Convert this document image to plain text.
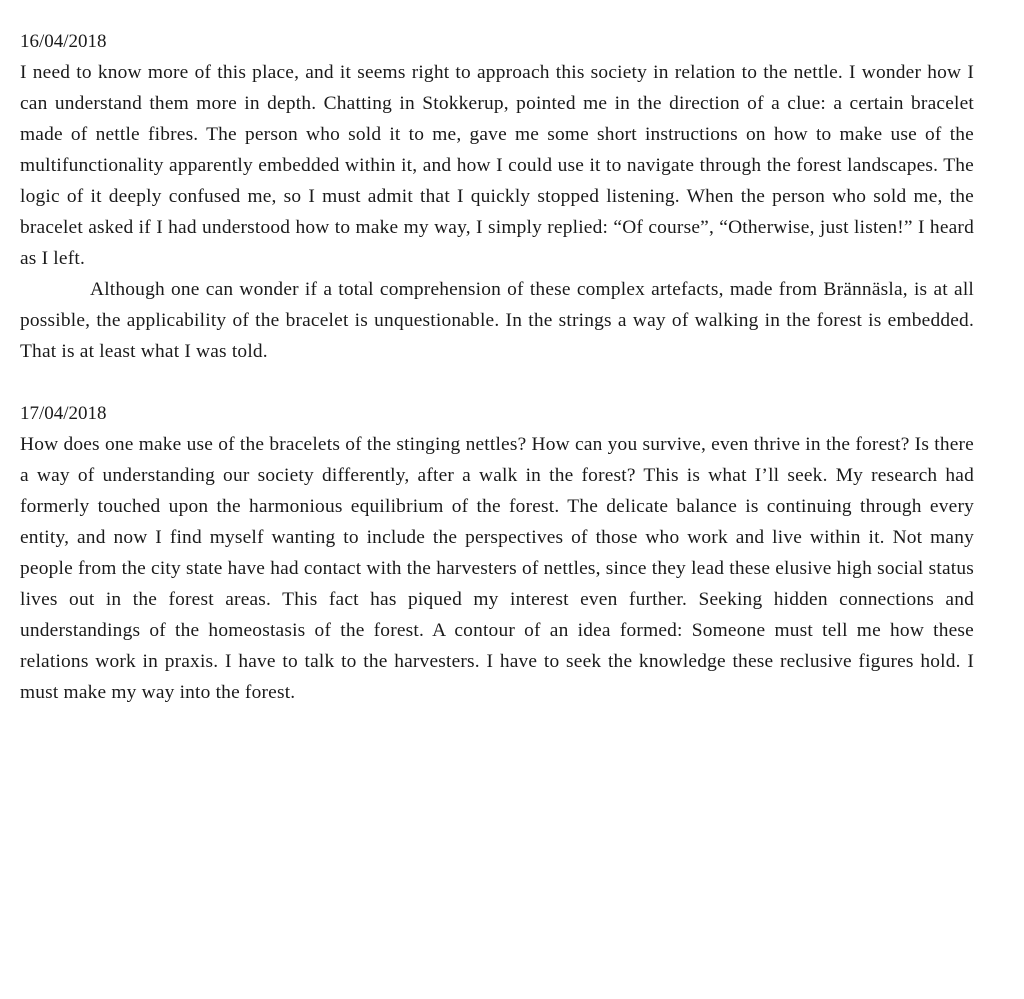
16/04/2018

I need to know more of this place, and it seems right to approach this society in relation to the nettle. I wonder how I can understand them more in depth. Chatting in Stokkerup, pointed me in the direction of a clue: a certain bracelet made of nettle fibres. The person who sold it to me, gave me some short instructions on how to make use of the multifunctionality apparently embedded within it, and how I could use it to navigate through the forest landscapes. The logic of it deeply confused me, so I must admit that I quickly stopped listening. When the person who sold me, the bracelet asked if I had understood how to make my way, I simply replied: “Of course”, “Otherwise, just listen!” I heard as I left.

Although one can wonder if a total comprehension of these complex artefacts, made from Brännäsla, is at all possible, the applicability of the bracelet is unquestionable. In the strings a way of walking in the forest is embedded. That is at least what I was told.

17/04/2018

How does one make use of the bracelets of the stinging nettles? How can you survive, even thrive in the forest? Is there a way of understanding our society differently, after a walk in the forest? This is what I’ll seek. My research had formerly touched upon the harmonious equilibrium of the forest. The delicate balance is continuing through every entity, and now I find myself wanting to include the perspectives of those who work and live within it. Not many people from the city state have had contact with the harvesters of nettles, since they lead these elusive high social status lives out in the forest areas. This fact has piqued my interest even further. Seeking hidden connections and understandings of the homeostasis of the forest. A contour of an idea formed: Someone must tell me how these relations work in praxis. I have to talk to the harvesters. I have to seek the knowledge these reclusive figures hold. I must make my way into the forest.
